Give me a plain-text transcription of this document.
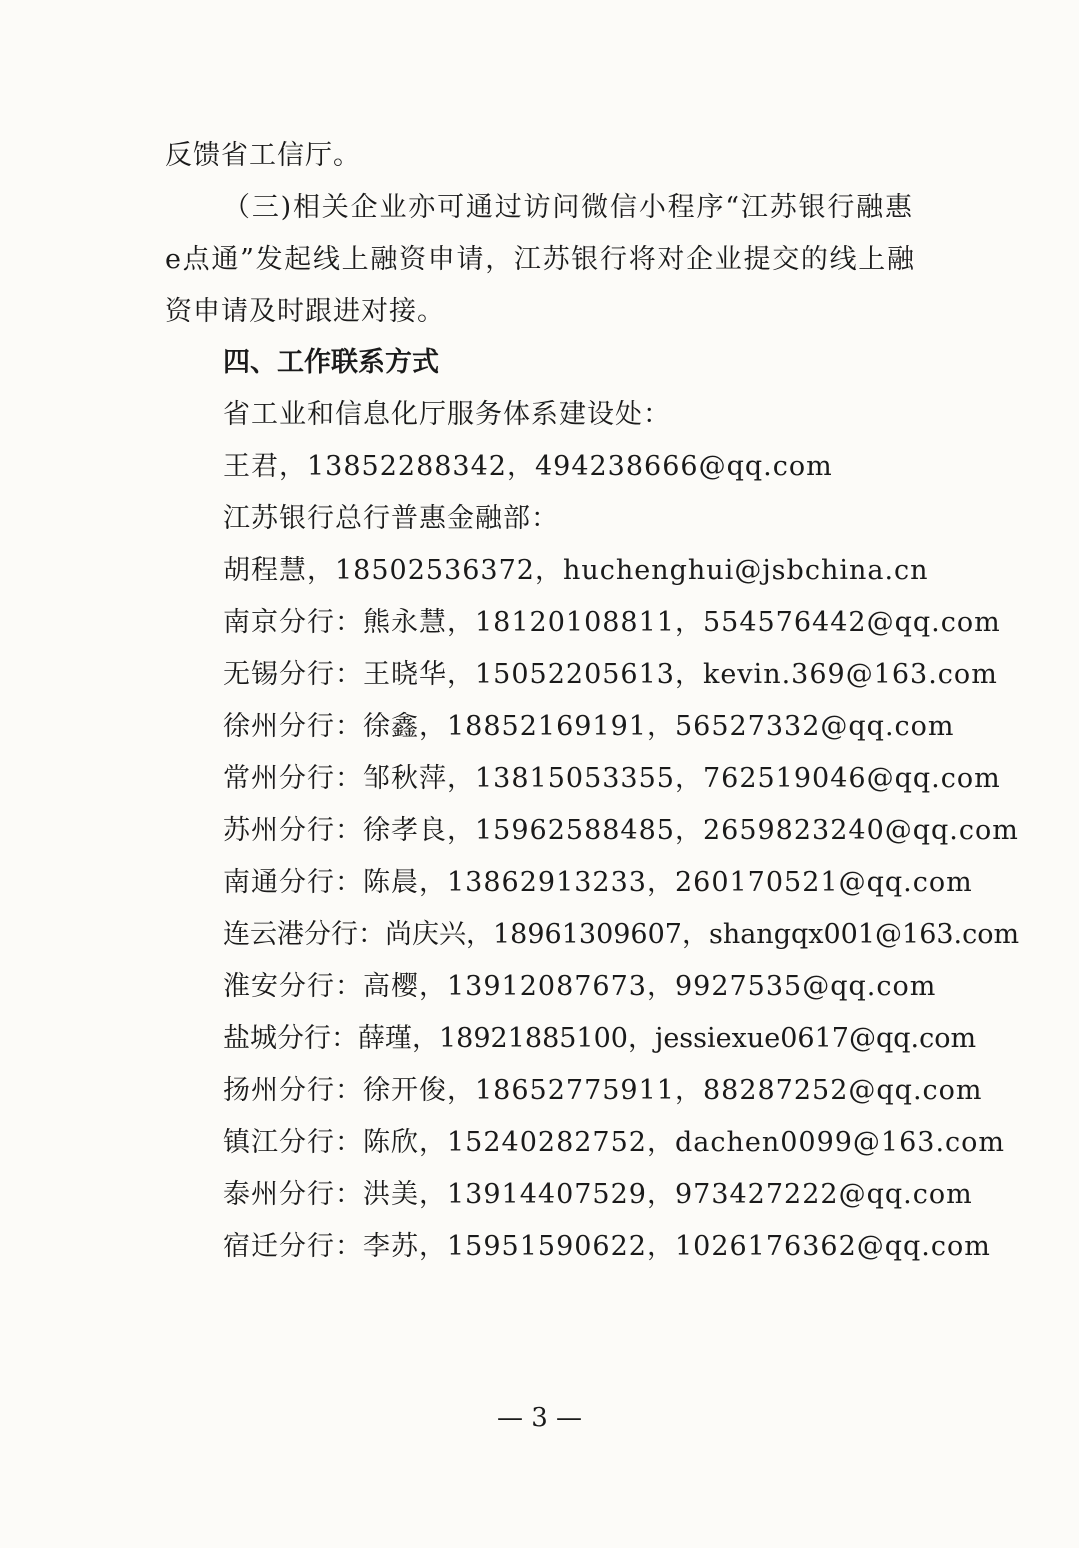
反馈省工信厅。
（三)相关企业亦可通过访问微信小程序“江苏银行融惠
e点通”发起线上融资申请，江苏银行将对企业提交的线上融
资申请及时跟进对接。
四、工作联系方式
省工业和信息化厅服务体系建设处：
王君，13852288342，494238666@qq.com
江苏银行总行普惠金融部：
胡程慧，18502536372，huchenghui@jsbchina.cn
南京分行：熊永慧，18120108811，554576442@qq.com
无锡分行：王晓华，15052205613，kevin.369@163.com
徐州分行：徐鑫，18852169191，56527332@qq.com
常州分行：邹秋萍，13815053355，762519046@qq.com
苏州分行：徐孝良，15962588485，2659823240@qq.com
南通分行：陈晨，13862913233，260170521@qq.com
连云港分行：尚庆兴，18961309607，shangqx001@163.com
淮安分行：高樱，13912087673，9927535@qq.com
盐城分行：薛瑾，18921885100，jessiexue0617@qq.com
扬州分行：徐开俊，18652775911，88287252@qq.com
镇江分行：陈欣，15240282752，dachen0099@163.com
泰州分行：洪美，13914407529，973427222@qq.com
宿迁分行：李苏，15951590622，1026176362@qq.com
— 3 —
